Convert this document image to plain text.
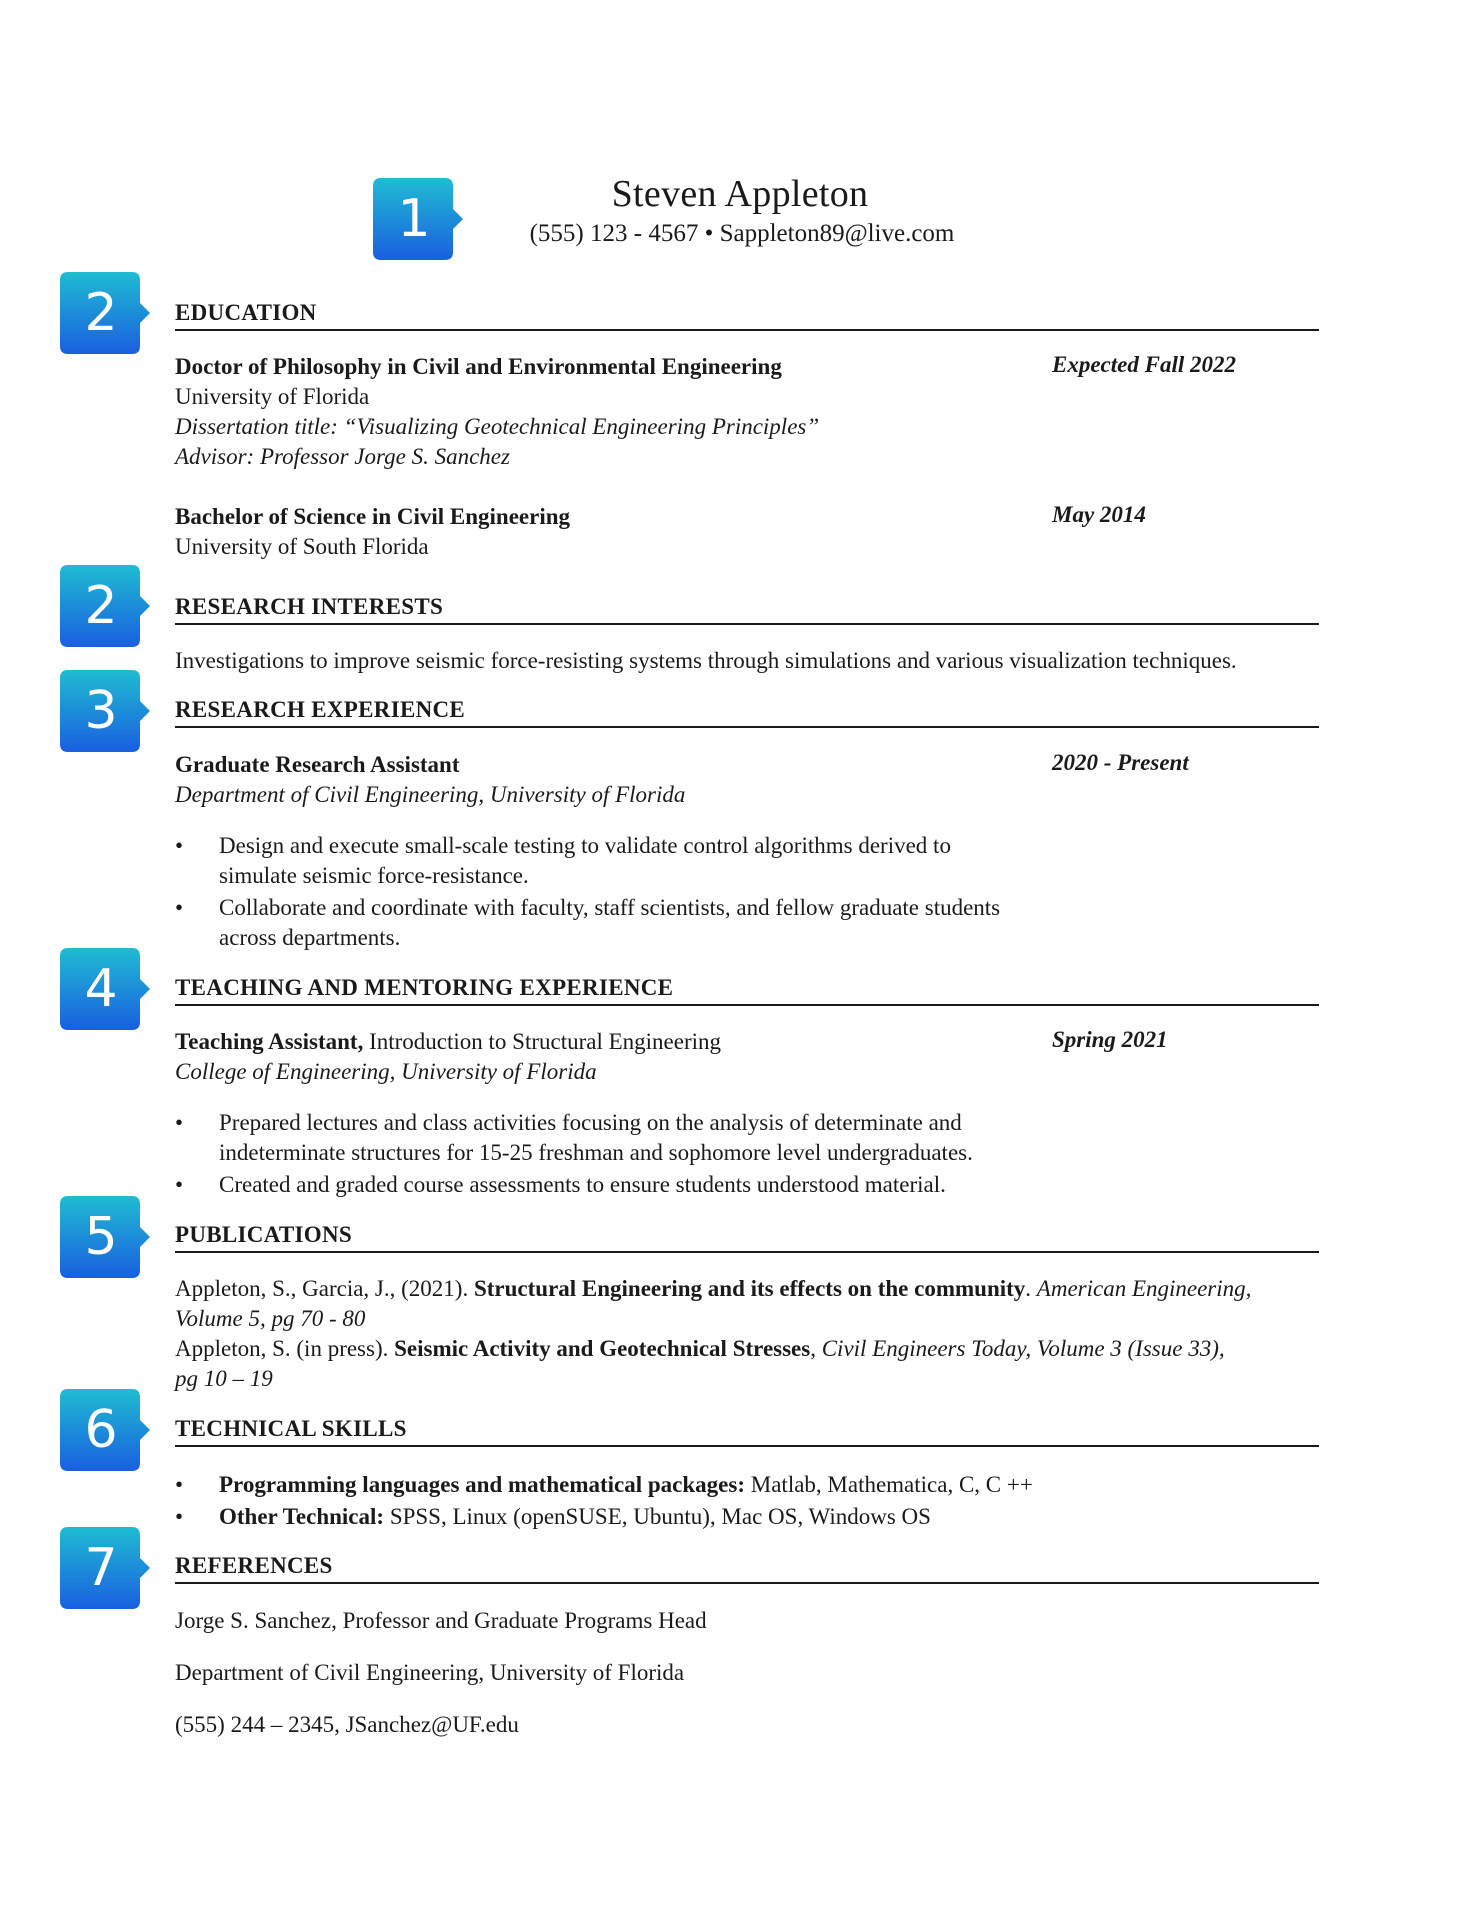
1
2
2
3
4
5
6
7
Steven Appleton
(555) 123 - 4567 • Sappleton89@live.com
EDUCATION
Doctor of Philosophy in Civil and Environmental Engineering	Expected Fall 2022
University of Florida
Dissertation title: “Visualizing Geotechnical Engineering Principles”
Advisor: Professor Jorge S. Sanchez
Bachelor of Science in Civil Engineering	May 2014
University of South Florida
RESEARCH INTERESTS
Investigations to improve seismic force-resisting systems through simulations and various visualization techniques.
RESEARCH EXPERIENCE
Graduate Research Assistant	2020 - Present
Department of Civil Engineering, University of Florida
•	Design and execute small-scale testing to validate control algorithms derived to
simulate seismic force-resistance.
•	Collaborate and coordinate with faculty, staff scientists, and fellow graduate students
across departments.
TEACHING AND MENTORING EXPERIENCE
Teaching Assistant, Introduction to Structural Engineering	Spring 2021
College of Engineering, University of Florida
•	Prepared lectures and class activities focusing on the analysis of determinate and
indeterminate structures for 15-25 freshman and sophomore level undergraduates.
•	Created and graded course assessments to ensure students understood material.
PUBLICATIONS
Appleton, S., Garcia, J., (2021). Structural Engineering and its effects on the community. American Engineering,
Volume 5, pg 70 - 80
Appleton, S. (in press). Seismic Activity and Geotechnical Stresses, Civil Engineers Today, Volume 3 (Issue 33),
pg 10 – 19
TECHNICAL SKILLS
•	Programming languages and mathematical packages: Matlab, Mathematica, C, C ++
•	Other Technical: SPSS, Linux (openSUSE, Ubuntu), Mac OS, Windows OS
REFERENCES
Jorge S. Sanchez, Professor and Graduate Programs Head
Department of Civil Engineering, University of Florida
(555) 244 – 2345, JSanchez@UF.edu
